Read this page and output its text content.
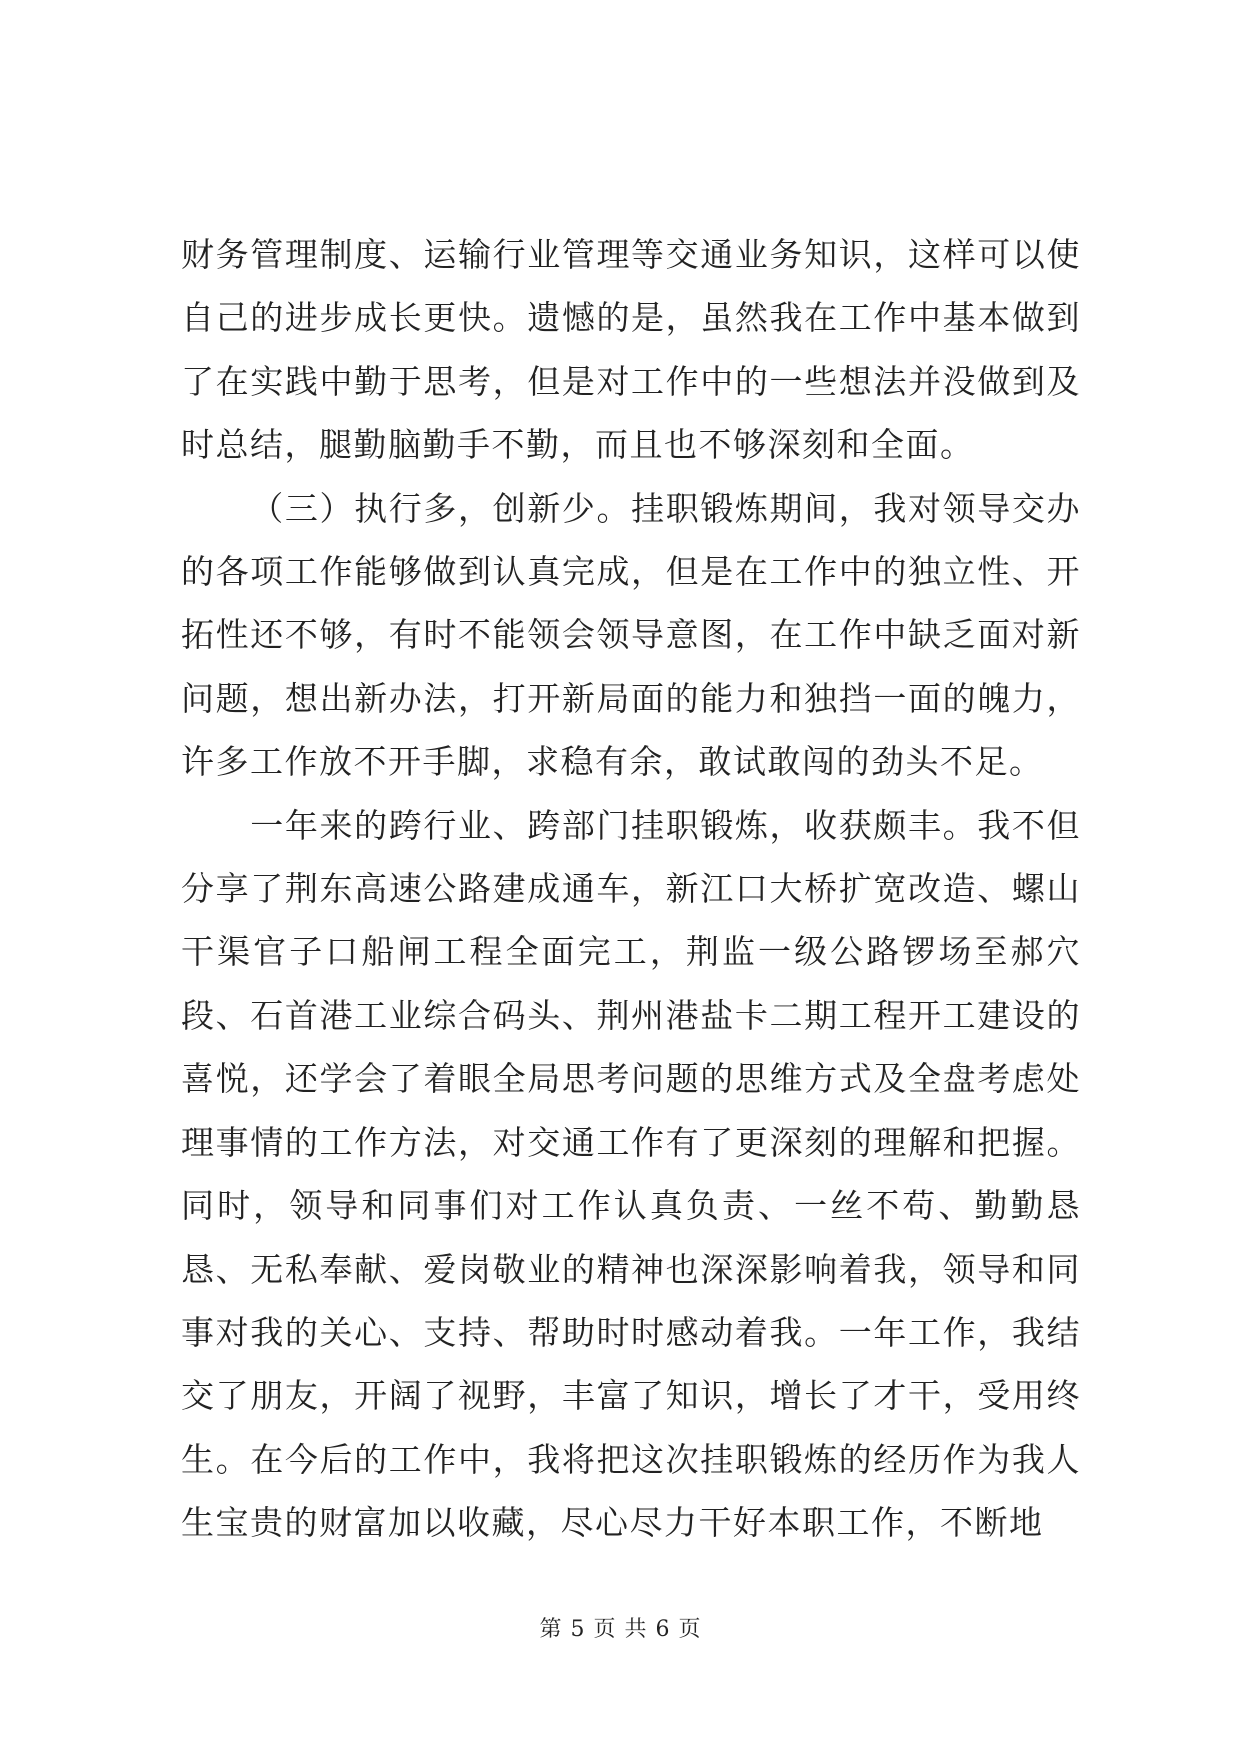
财务管理制度、运输行业管理等交通业务知识，这样可以使自己的进步成长更快。遗憾的是，虽然我在工作中基本做到了在实践中勤于思考，但是对工作中的一些想法并没做到及时总结，腿勤脑勤手不勤，而且也不够深刻和全面。

（三）执行多，创新少。挂职锻炼期间，我对领导交办的各项工作能够做到认真完成，但是在工作中的独立性、开拓性还不够，有时不能领会领导意图，在工作中缺乏面对新问题，想出新办法，打开新局面的能力和独挡一面的魄力，许多工作放不开手脚，求稳有余，敢试敢闯的劲头不足。

一年来的跨行业、跨部门挂职锻炼，收获颇丰。我不但分享了荆东高速公路建成通车，新江口大桥扩宽改造、螺山干渠官子口船闸工程全面完工，荆监一级公路锣场至郝穴段、石首港工业综合码头、荆州港盐卡二期工程开工建设的喜悦，还学会了着眼全局思考问题的思维方式及全盘考虑处理事情的工作方法，对交通工作有了更深刻的理解和把握。同时，领导和同事们对工作认真负责、一丝不苟、勤勤恳恳、无私奉献、爱岗敬业的精神也深深影响着我，领导和同事对我的关心、支持、帮助时时感动着我。一年工作，我结交了朋友，开阔了视野，丰富了知识，增长了才干，受用终生。在今后的工作中，我将把这次挂职锻炼的经历作为我人生宝贵的财富加以收藏，尽心尽力干好本职工作，不断地

第 5 页 共 6 页
